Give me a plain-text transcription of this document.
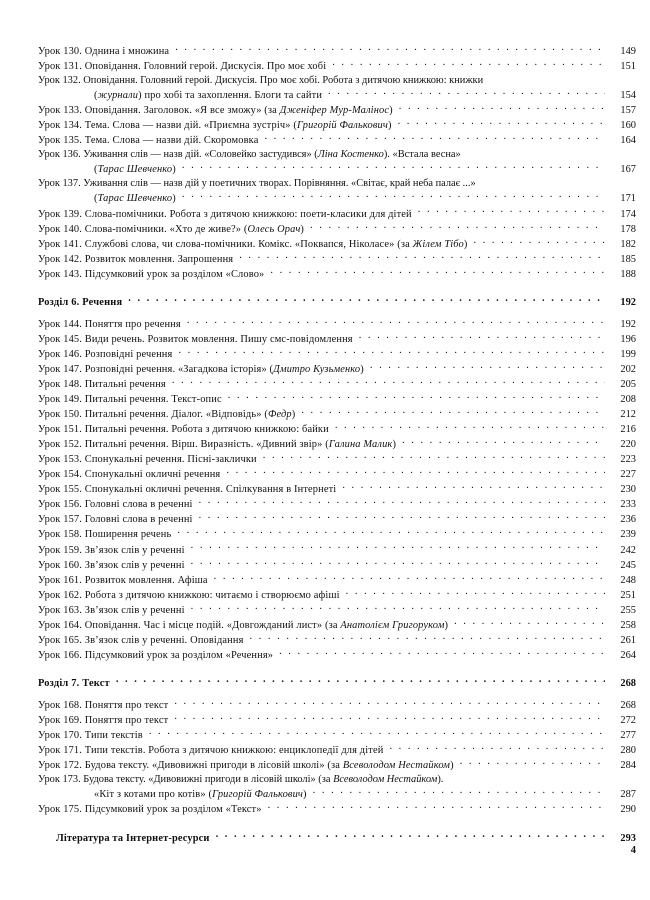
Урок 130. Однина і множина . . .	149
Урок 131. Оповідання. Головний герой. Дискусія. Про моє хобі . . .	151
Урок 132. Оповідання. Головний герой. Дискусія. Про моє хобі. Робота з дитячою книжкою: книжки
(журнали) про хобі та захоплення. Блоги та сайти . . .	154
Урок 133. Оповідання. Заголовок. «Я все зможу» (за Дженіфер Мур-Малінос) . . .	157
Урок 134. Тема. Слова — назви дій. «Приємна зустріч» (Григорій Фалькович) . . .	160
Урок 135. Тема. Слова — назви дій. Скоромовка . . .	164
Урок 136. Уживання слів — назв дій. «Соловейко застудився» (Ліна Костенко). «Встала весна»
(Тарас Шевченко) . . .	167
Урок 137. Уживання слів — назв дій у поетичних творах. Порівняння. «Світає, край неба палає ...»
(Тарас Шевченко) . . .	171
Урок 139. Слова-помічники. Робота з дитячою книжкою: поети-класики для дітей . . .	174
Урок 140. Слова-помічники. «Хто де живе?» (Олесь Орач) . . .	178
Урок 141. Службові слова, чи слова-помічники. Комікс. «Поквапся, Ніколасе» (за Жілем Тібо) . . .	182
Урок 142. Розвиток мовлення. Запрошення . . .	185
Урок 143. Підсумковий урок за розділом «Слово» . . .	188
Розділ 6. Речення . . .	192
Урок 144. Поняття про речення . . .	192
Урок 145. Види речень. Розвиток мовлення. Пишу смс-повідомлення . . .	196
Урок 146. Розповідні речення . . .	199
Урок 147. Розповідні речення. «Загадкова історія» (Дмитро Кузьменко) . . .	202
Урок 148. Питальні речення . . .	205
Урок 149. Питальні речення. Текст-опис . . .	208
Урок 150. Питальні речення. Діалог. «Відповідь» (Федр) . . .	212
Урок 151. Питальні речення. Робота з дитячою книжкою: байки . . .	216
Урок 152. Питальні речення. Вірш. Виразність. «Дивний звір» (Галина Малик) . . .	220
Урок 153. Спонукальні речення. Пісні-заклички . . .	223
Урок 154. Спонукальні окличні речення . . .	227
Урок 155. Спонукальні окличні речення. Спілкування в Інтернеті . . .	230
Урок 156. Головні слова в реченні . . .	233
Урок 157. Головні слова в реченні . . .	236
Урок 158. Поширення речень . . .	239
Урок 159. Зв’язок слів у реченні . . .	242
Урок 160. Зв’язок слів у реченні . . .	245
Урок 161. Розвиток мовлення. Афіша . . .	248
Урок 162. Робота з дитячою книжкою: читаємо і створюємо афіші . . .	251
Урок 163. Зв’язок слів у реченні . . .	255
Урок 164. Оповідання. Час і місце подій. «Довгожданий лист» (за Анатолієм Григоруком) . . .	258
Урок 165. Зв’язок слів у реченні. Оповідання . . .	261
Урок 166. Підсумковий урок за розділом «Речення» . . .	264
Розділ 7. Текст . . .	268
Урок 168. Поняття про текст . . .	268
Урок 169. Поняття про текст . . .	272
Урок 170. Типи текстів . . .	277
Урок 171. Типи текстів. Робота з дитячою книжкою: енциклопедії для дітей . . .	280
Урок 172. Будова тексту. «Дивовижні пригоди в лісовій школі» (за Всеволодом Нестайком) . . .	284
Урок 173. Будова тексту. «Дивовижні пригоди в лісовій школі» (за Всеволодом Нестайком).
«Кіт з котами про котів» (Григорій Фалькович) . . .	287
Урок 175. Підсумковий урок за розділом «Текст» . . .	290
Література та Інтернет-ресурси . . .	293
4
